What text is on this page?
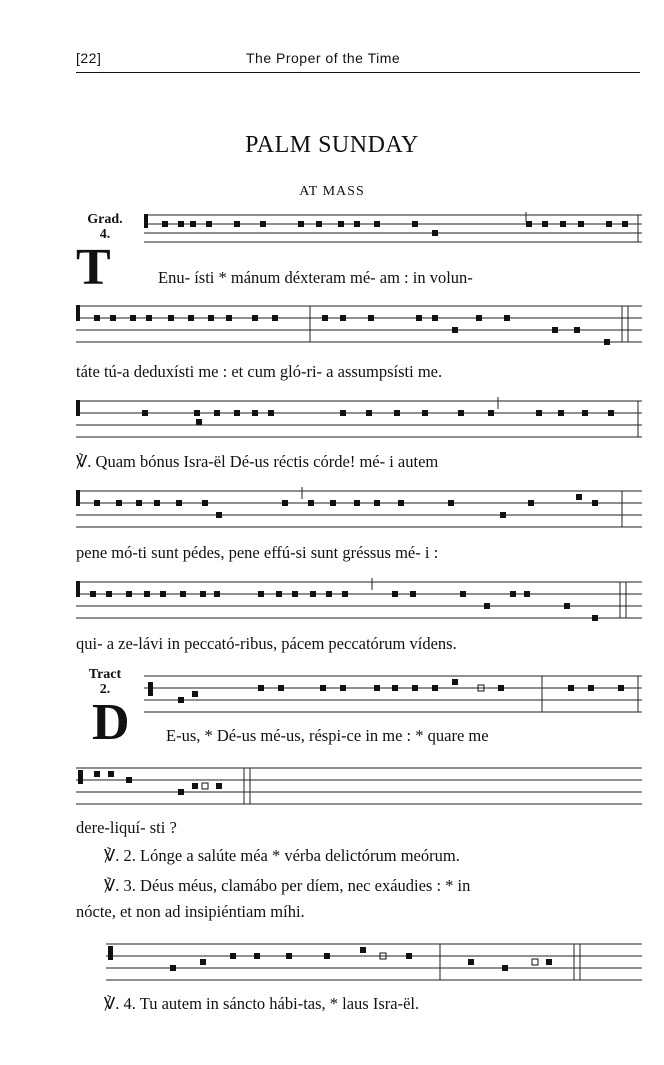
[22]	The Proper of the Time
PALM SUNDAY
AT MASS
Grad.
4.
T	Enu- ísti * mánum déxteram mé- am : in volun-
táte tú-a deduxísti me : et cum gló-ri- a assumpsísti me.
℣. Quam bónus Isra-ël Dé-us réctis córde! mé- i autem
pene mó-ti sunt pédes, pene effú-si sunt gréssus mé- i :
qui- a ze-lávi in peccató-ribus, pácem peccatórum vídens.
Tract
2.
D E-us, * Dé-us mé-us, réspi-ce in me : * quare me
dere-liquí- sti ?
℣. 2. Lónge a salúte méa * vérba delictórum meórum.
℣. 3. Déus méus, clamábo per díem, nec exáudies : * in
nócte, et non ad insipiéntiam míhi.
℣. 4. Tu autem in sáncto hábi-tas, * laus Isra-ël.
